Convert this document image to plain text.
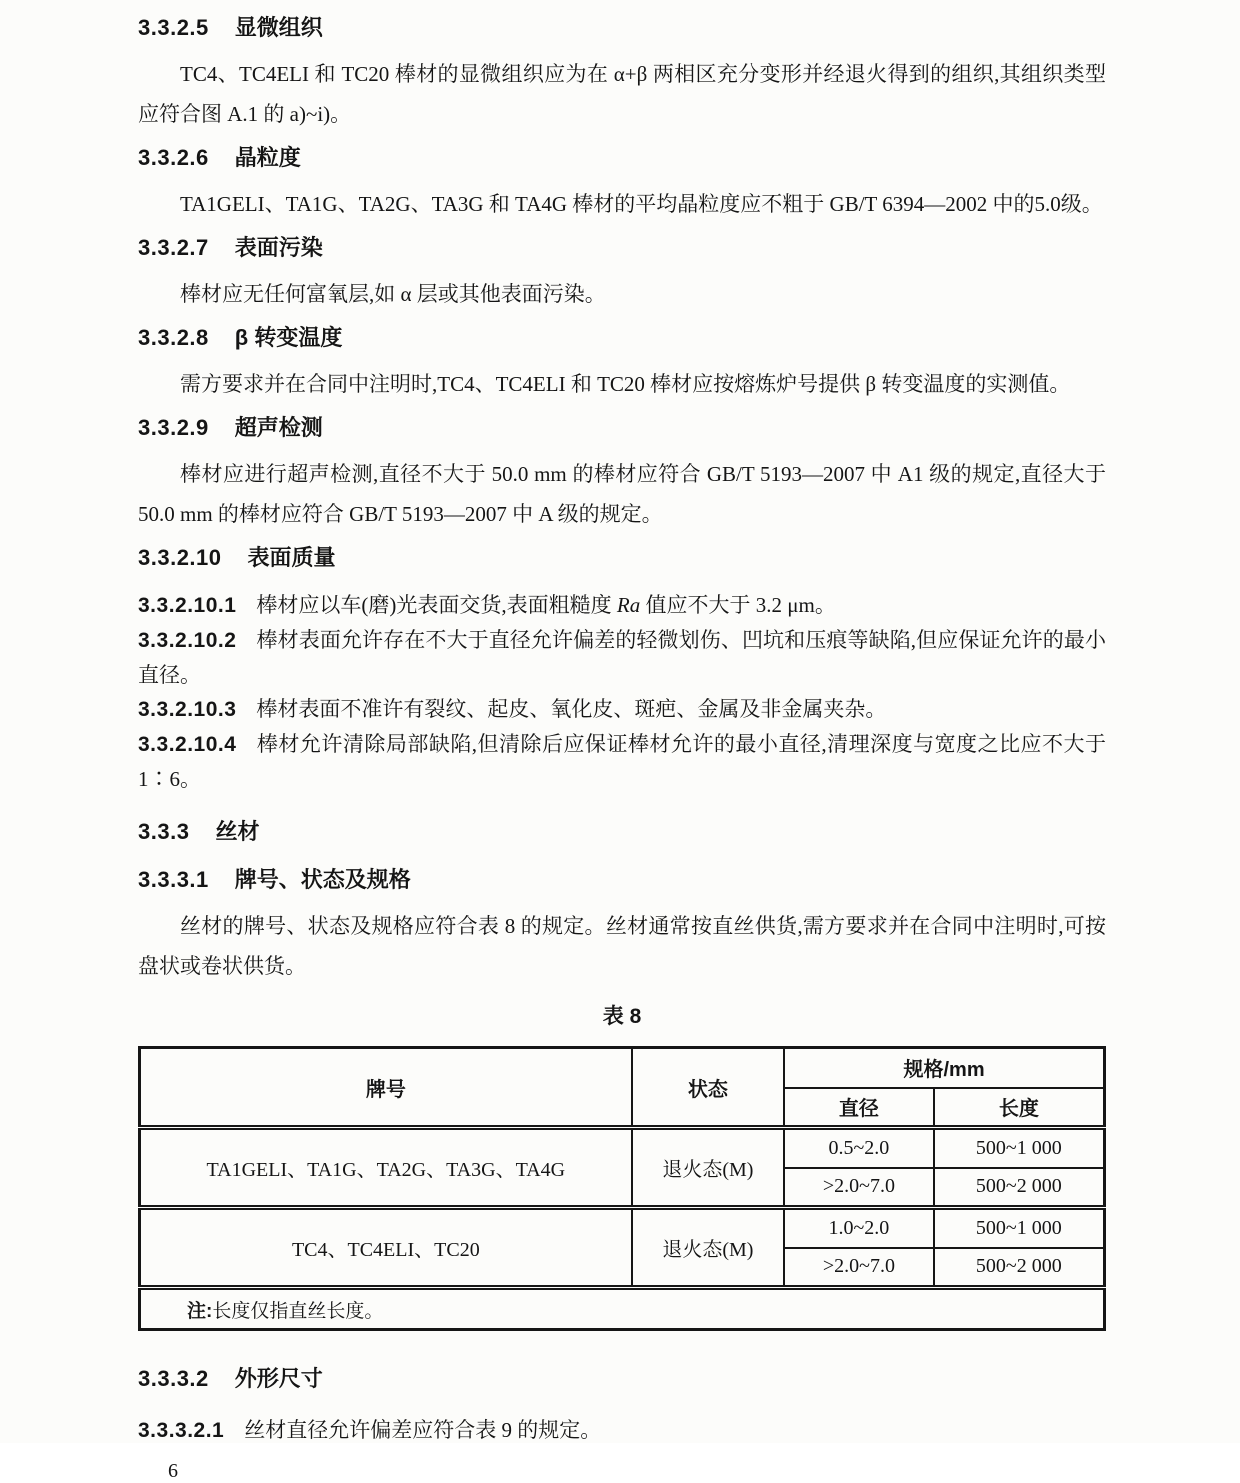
3.3.2.5 显微组织

TC4、TC4ELI 和 TC20 棒材的显微组织应为在 α+β 两相区充分变形并经退火得到的组织,其组织类型应符合图 A.1 的 a)~i)。

3.3.2.6 晶粒度

TA1GELI、TA1G、TA2G、TA3G 和 TA4G 棒材的平均晶粒度应不粗于 GB/T 6394—2002 中的5.0级。

3.3.2.7 表面污染

棒材应无任何富氧层,如 α 层或其他表面污染。

3.3.2.8 β 转变温度

需方要求并在合同中注明时,TC4、TC4ELI 和 TC20 棒材应按熔炼炉号提供 β 转变温度的实测值。

3.3.2.9 超声检测

棒材应进行超声检测,直径不大于 50.0 mm 的棒材应符合 GB/T 5193—2007 中 A1 级的规定,直径大于 50.0 mm 的棒材应符合 GB/T 5193—2007 中 A 级的规定。

3.3.2.10 表面质量

3.3.2.10.1 棒材应以车(磨)光表面交货,表面粗糙度 Ra 值应不大于 3.2 μm。

3.3.2.10.2 棒材表面允许存在不大于直径允许偏差的轻微划伤、凹坑和压痕等缺陷,但应保证允许的最小直径。

3.3.2.10.3 棒材表面不准许有裂纹、起皮、氧化皮、斑疤、金属及非金属夹杂。

3.3.2.10.4 棒材允许清除局部缺陷,但清除后应保证棒材允许的最小直径,清理深度与宽度之比应不大于 1∶6。

3.3.3 丝材
3.3.3.1 牌号、状态及规格

丝材的牌号、状态及规格应符合表 8 的规定。丝材通常按直丝供货,需方要求并在合同中注明时,可按盘状或卷状供货。

表 8
牌号	状态	规格/mm	
		直径	长度
TA1GELI、TA1G、TA2G、TA3G、TA4G	退火态(M)	0.5~2.0	500~1 000
		>2.0~7.0	500~2 000
TC4、TC4ELI、TC20	退火态(M)	1.0~2.0	500~1 000
		>2.0~7.0	500~2 000
注:长度仅指直丝长度。			
3.3.3.2 外形尺寸

3.3.3.2.1 丝材直径允许偏差应符合表 9 的规定。

6
